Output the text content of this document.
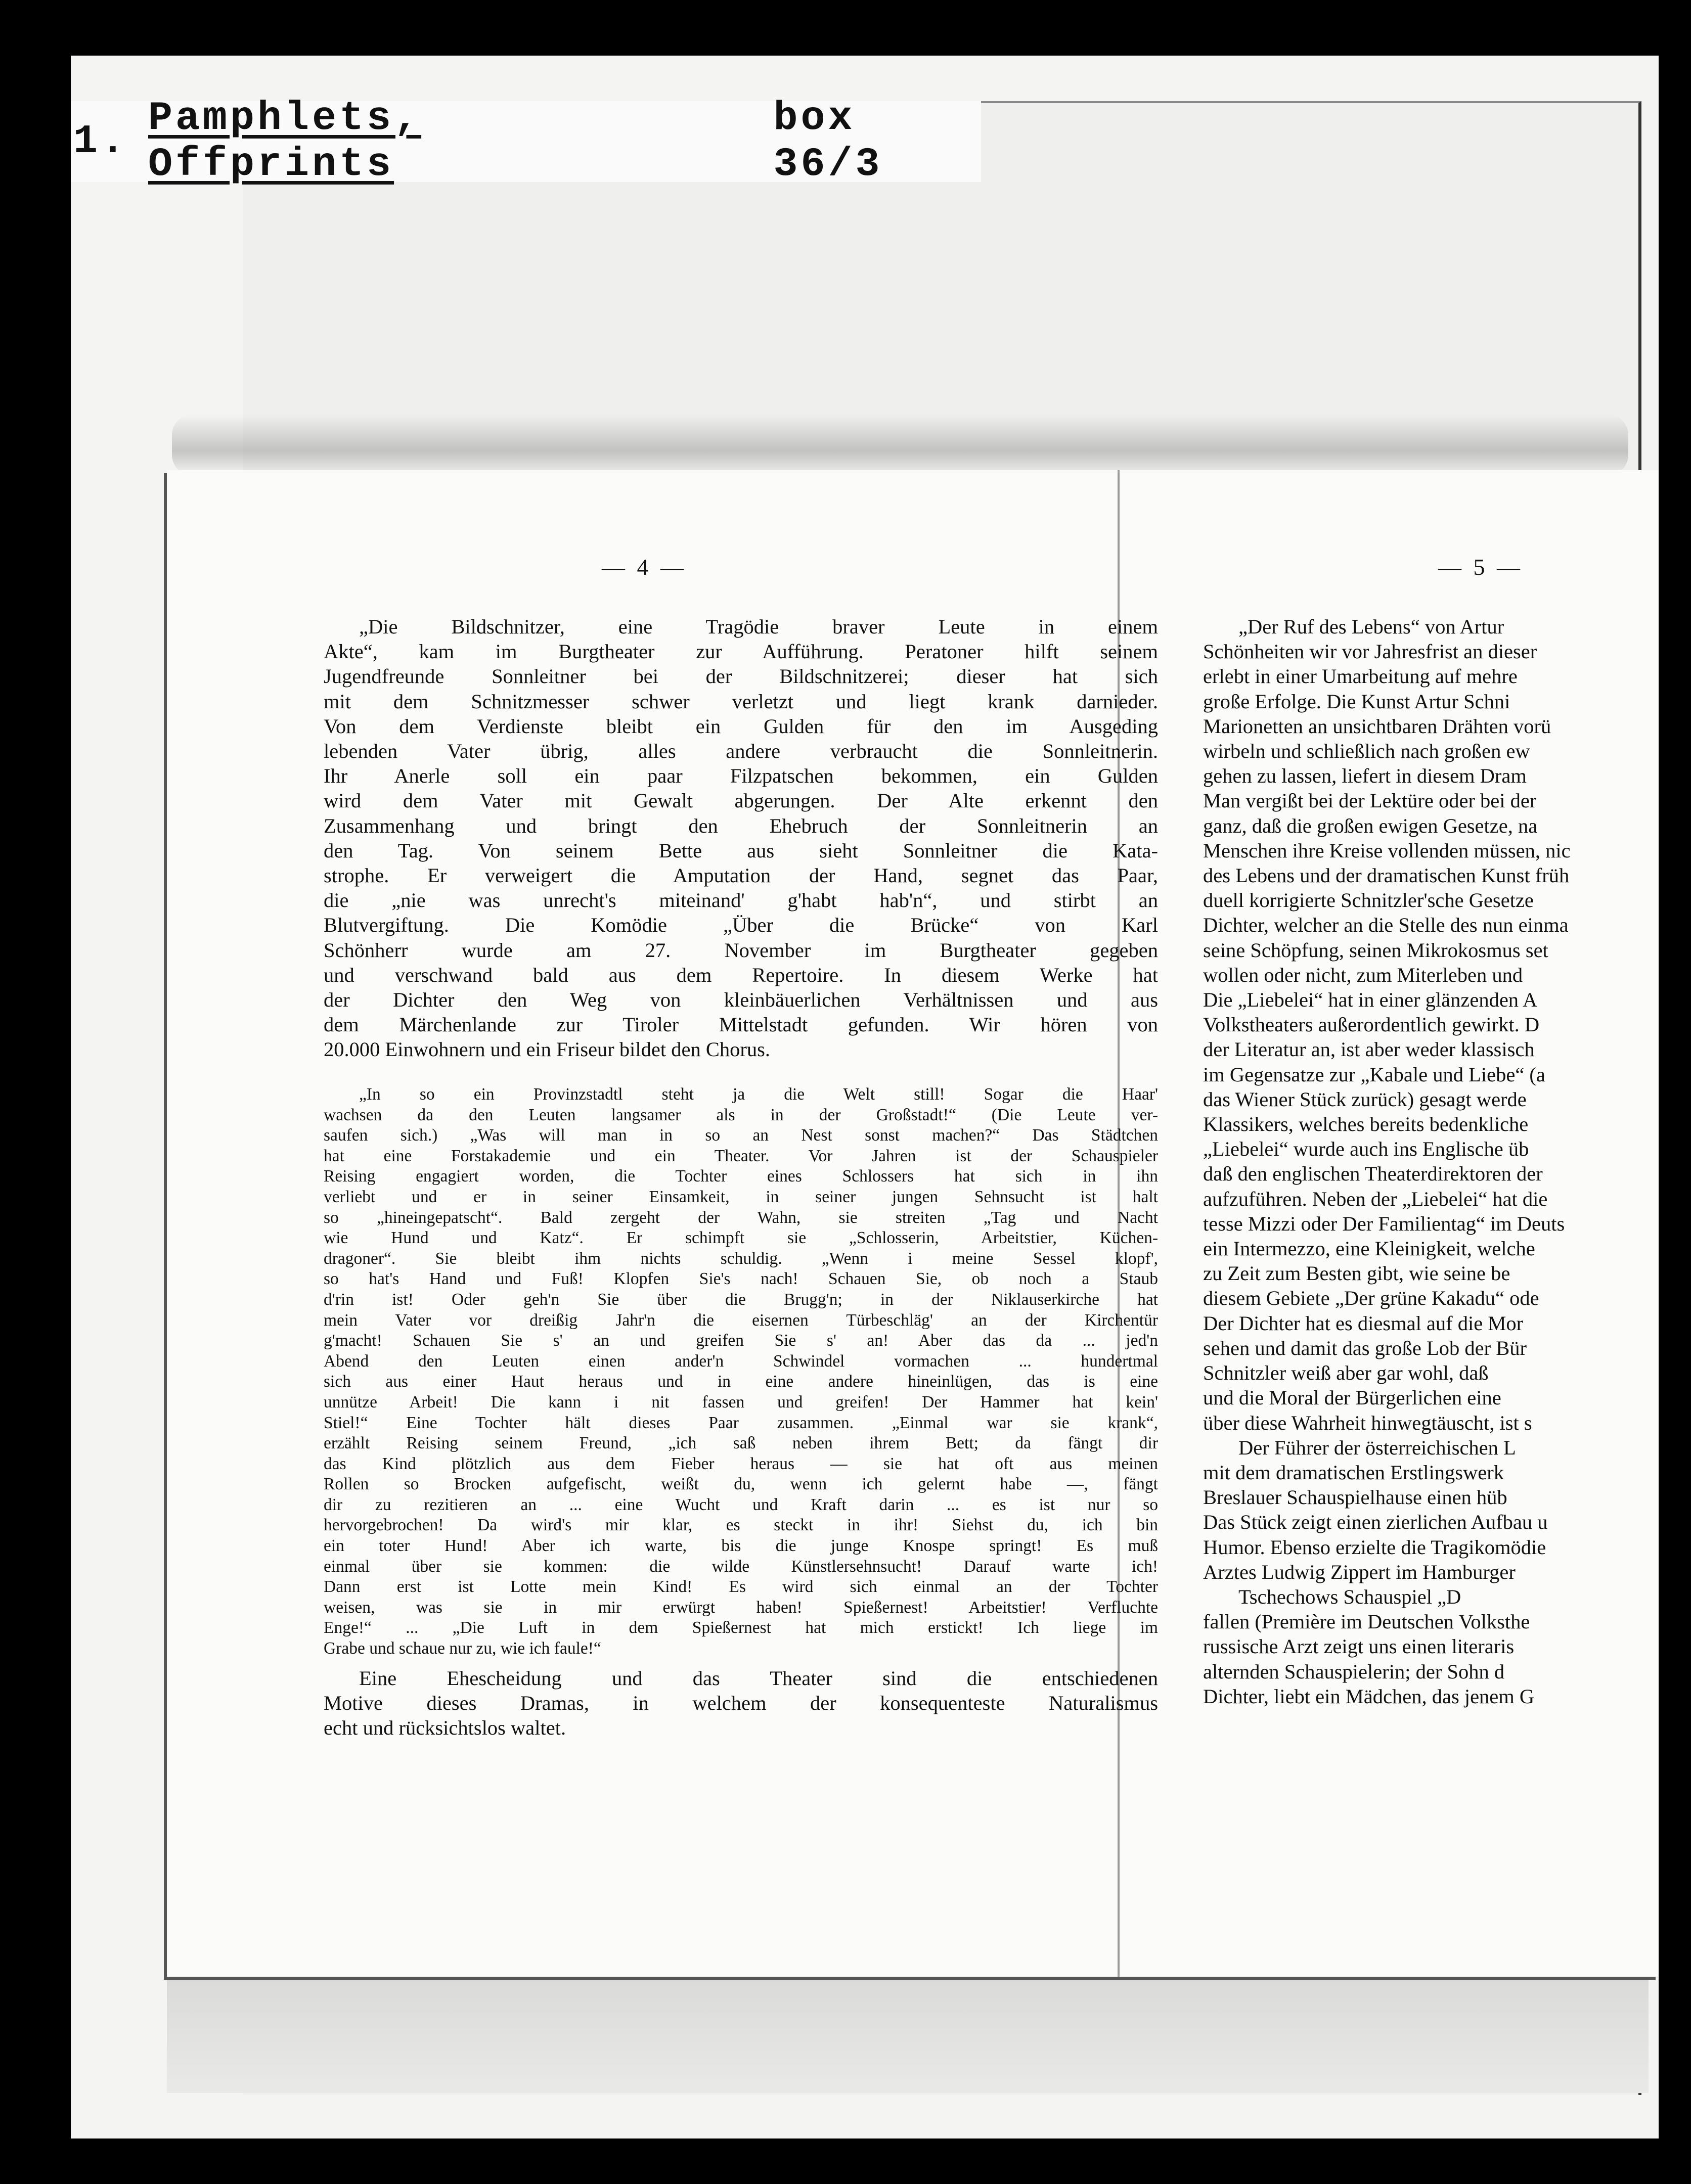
1. Pamphlets, Offprints
box 36/3
— 4 —
„Die Bildschnitzer, eine Tragödie braver Leute in einem
Akte“, kam im Burgtheater zur Aufführung. Peratoner hilft seinem
Jugendfreunde Sonnleitner bei der Bildschnitzerei; dieser hat sich
mit dem Schnitzmesser schwer verletzt und liegt krank darnieder.
Von dem Verdienste bleibt ein Gulden für den im Ausgeding
lebenden Vater übrig, alles andere verbraucht die Sonnleitnerin.
Ihr Anerle soll ein paar Filzpatschen bekommen, ein Gulden
wird dem Vater mit Gewalt abgerungen. Der Alte erkennt den
Zusammenhang und bringt den Ehebruch der Sonnleitnerin an
den Tag. Von seinem Bette aus sieht Sonnleitner die Kata-
strophe. Er verweigert die Amputation der Hand, segnet das Paar,
die „nie was unrecht's miteinand' g'habt hab'n“, und stirbt an
Blutvergiftung. Die Komödie „Über die Brücke“ von Karl
Schönherr wurde am 27. November im Burgtheater gegeben
und verschwand bald aus dem Repertoire. In diesem Werke hat
der Dichter den Weg von kleinbäuerlichen Verhältnissen und aus
dem Märchenlande zur Tiroler Mittelstadt gefunden. Wir hören von
20.000 Einwohnern und ein Friseur bildet den Chorus.
„In so ein Provinzstadtl steht ja die Welt still! Sogar die Haar'
wachsen da den Leuten langsamer als in der Großstadt!“ (Die Leute ver-
saufen sich.) „Was will man in so an Nest sonst machen?“ Das Städtchen
hat eine Forstakademie und ein Theater. Vor Jahren ist der Schauspieler
Reising engagiert worden, die Tochter eines Schlossers hat sich in ihn
verliebt und er in seiner Einsamkeit, in seiner jungen Sehnsucht ist halt
so „hineingepatscht“. Bald zergeht der Wahn, sie streiten „Tag und Nacht
wie Hund und Katz“. Er schimpft sie „Schlosserin, Arbeitstier, Küchen-
dragoner“. Sie bleibt ihm nichts schuldig. „Wenn i meine Sessel klopf',
so hat's Hand und Fuß! Klopfen Sie's nach! Schauen Sie, ob noch a Staub
d'rin ist! Oder geh'n Sie über die Brugg'n; in der Niklauserkirche hat
mein Vater vor dreißig Jahr'n die eisernen Türbeschläg' an der Kirchentür
g'macht! Schauen Sie s' an und greifen Sie s' an! Aber das da ... jed'n
Abend den Leuten einen ander'n Schwindel vormachen ... hundertmal
sich aus einer Haut heraus und in eine andere hineinlügen, das is eine
unnütze Arbeit! Die kann i nit fassen und greifen! Der Hammer hat kein'
Stiel!“ Eine Tochter hält dieses Paar zusammen. „Einmal war sie krank“,
erzählt Reising seinem Freund, „ich saß neben ihrem Bett; da fängt dir
das Kind plötzlich aus dem Fieber heraus — sie hat oft aus meinen
Rollen so Brocken aufgefischt, weißt du, wenn ich gelernt habe —, fängt
dir zu rezitieren an ... eine Wucht und Kraft darin ... es ist nur so
hervorgebrochen! Da wird's mir klar, es steckt in ihr! Siehst du, ich bin
ein toter Hund! Aber ich warte, bis die junge Knospe springt! Es muß
einmal über sie kommen: die wilde Künstlersehnsucht! Darauf warte ich!
Dann erst ist Lotte mein Kind! Es wird sich einmal an der Tochter
weisen, was sie in mir erwürgt haben! Spießernest! Arbeitstier! Verfluchte
Enge!“ ... „Die Luft in dem Spießernest hat mich erstickt! Ich liege im
Grabe und schaue nur zu, wie ich faule!“
Eine Ehescheidung und das Theater sind die entschiedenen
Motive dieses Dramas, in welchem der konsequenteste Naturalismus
echt und rücksichtslos waltet.
— 5 —
„Der Ruf des Lebens“ von Artur
Schönheiten wir vor Jahresfrist an dieser
erlebt in einer Umarbeitung auf mehre
große Erfolge. Die Kunst Artur Schni
Marionetten an unsichtbaren Drähten vorü
wirbeln und schließlich nach großen ew
gehen zu lassen, liefert in diesem Dram
Man vergißt bei der Lektüre oder bei der
ganz, daß die großen ewigen Gesetze, na
Menschen ihre Kreise vollenden müssen, nic
des Lebens und der dramatischen Kunst früh
duell korrigierte Schnitzler'sche Gesetze
Dichter, welcher an die Stelle des nun einma
seine Schöpfung, seinen Mikrokosmus set
wollen oder nicht, zum Miterleben und
Die „Liebelei“ hat in einer glänzenden A
Volkstheaters außerordentlich gewirkt. D
der Literatur an, ist aber weder klassisch
im Gegensatze zur „Kabale und Liebe“ (a
das Wiener Stück zurück) gesagt werde
Klassikers, welches bereits bedenkliche
„Liebelei“ wurde auch ins Englische üb
daß den englischen Theaterdirektoren der
aufzuführen. Neben der „Liebelei“ hat die
tesse Mizzi oder Der Familientag“ im Deuts
ein Intermezzo, eine Kleinigkeit, welche
zu Zeit zum Besten gibt, wie seine be
diesem Gebiete „Der grüne Kakadu“ ode
Der Dichter hat es diesmal auf die Mor
sehen und damit das große Lob der Bür
Schnitzler weiß aber gar wohl, daß
und die Moral der Bürgerlichen eine
über diese Wahrheit hinwegtäuscht, ist s
Der Führer der österreichischen L
mit dem dramatischen Erstlingswerk
Breslauer Schauspielhause einen hüb
Das Stück zeigt einen zierlichen Aufbau u
Humor. Ebenso erzielte die Tragikomödie
Arztes Ludwig Zippert im Hamburger
Tschechows Schauspiel „D
fallen (Première im Deutschen Volksthe
russische Arzt zeigt uns einen literaris
alternden Schauspielerin; der Sohn d
Dichter, liebt ein Mädchen, das jenem G
